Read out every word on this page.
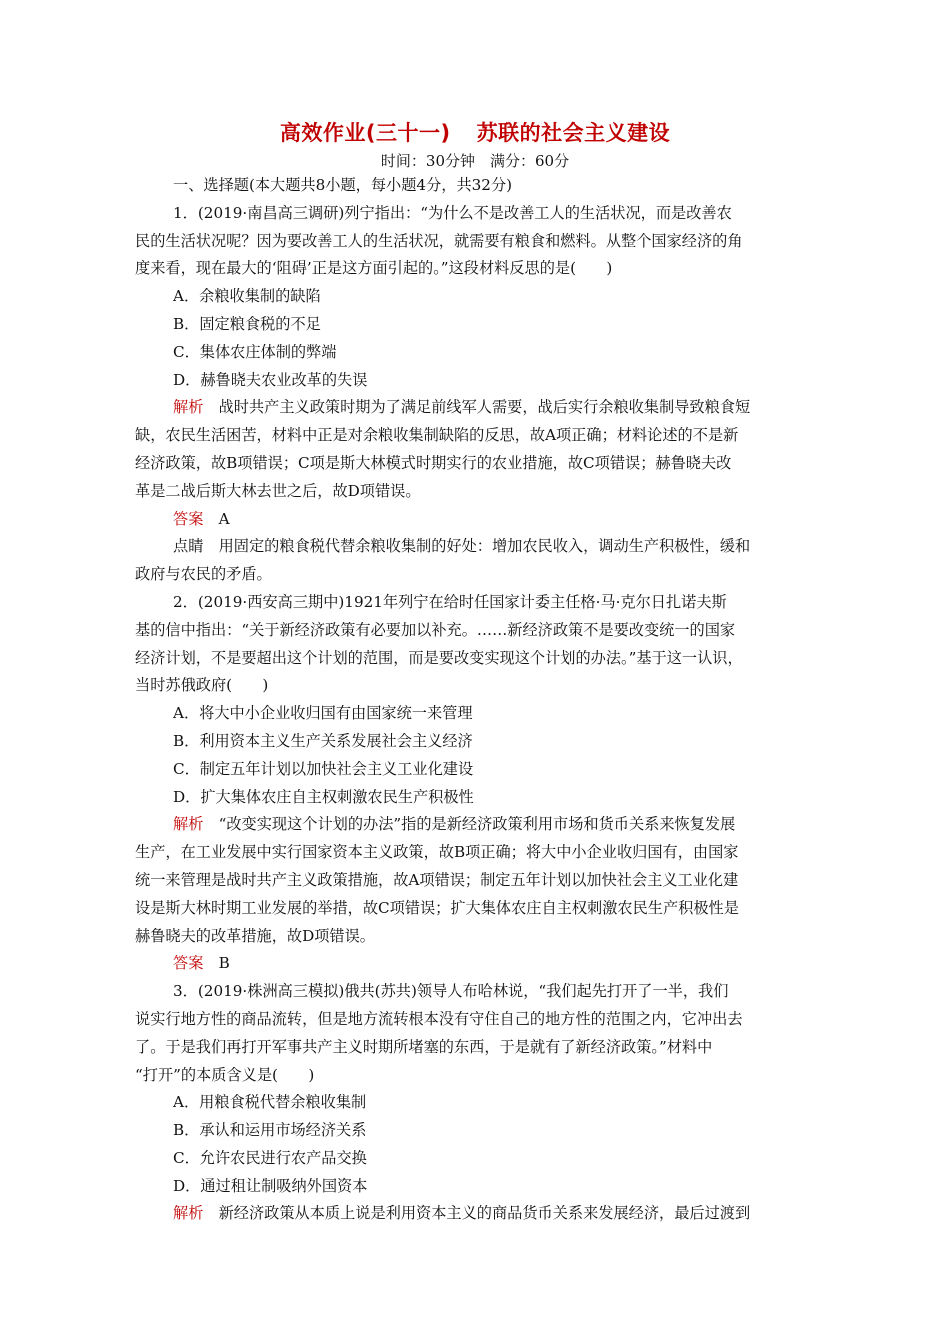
高效作业(三十一) 苏联的社会主义建设
时间：30分钟　满分：60分
一、选择题(本大题共8小题，每小题4分，共32分)
1．(2019·南昌高三调研)列宁指出：“为什么不是改善工人的生活状况，而是改善农
民的生活状况呢？因为要改善工人的生活状况，就需要有粮食和燃料。从整个国家经济的角
度来看，现在最大的‘阻碍’正是这方面引起的。”这段材料反思的是(　　)
A．余粮收集制的缺陷
B．固定粮食税的不足
C．集体农庄体制的弊端
D．赫鲁晓夫农业改革的失误
解析　战时共产主义政策时期为了满足前线军人需要，战后实行余粮收集制导致粮食短
缺，农民生活困苦，材料中正是对余粮收集制缺陷的反思，故A项正确；材料论述的不是新
经济政策，故B项错误；C项是斯大林模式时期实行的农业措施，故C项错误；赫鲁晓夫改
革是二战后斯大林去世之后，故D项错误。
答案　A
点睛　用固定的粮食税代替余粮收集制的好处：增加农民收入，调动生产积极性，缓和
政府与农民的矛盾。
2．(2019·西安高三期中)1921年列宁在给时任国家计委主任格·马·克尔日扎诺夫斯
基的信中指出：“关于新经济政策有必要加以补充。……新经济政策不是要改变统一的国家
经济计划，不是要超出这个计划的范围，而是要改变实现这个计划的办法。”基于这一认识，
当时苏俄政府(　　)
A．将大中小企业收归国有由国家统一来管理
B．利用资本主义生产关系发展社会主义经济
C．制定五年计划以加快社会主义工业化建设
D．扩大集体农庄自主权刺激农民生产积极性
解析　“改变实现这个计划的办法”指的是新经济政策利用市场和货币关系来恢复发展
生产，在工业发展中实行国家资本主义政策，故B项正确；将大中小企业收归国有，由国家
统一来管理是战时共产主义政策措施，故A项错误；制定五年计划以加快社会主义工业化建
设是斯大林时期工业发展的举措，故C项错误；扩大集体农庄自主权刺激农民生产积极性是
赫鲁晓夫的改革措施，故D项错误。
答案　B
3．(2019·株洲高三模拟)俄共(苏共)领导人布哈林说，“我们起先打开了一半，我们
说实行地方性的商品流转，但是地方流转根本没有守住自己的地方性的范围之内，它冲出去
了。于是我们再打开军事共产主义时期所堵塞的东西，于是就有了新经济政策。”材料中
“打开”的本质含义是(　　)
A．用粮食税代替余粮收集制
B．承认和运用市场经济关系
C．允许农民进行农产品交换
D．通过租让制吸纳外国资本
解析　新经济政策从本质上说是利用资本主义的商品货币关系来发展经济，最后过渡到
